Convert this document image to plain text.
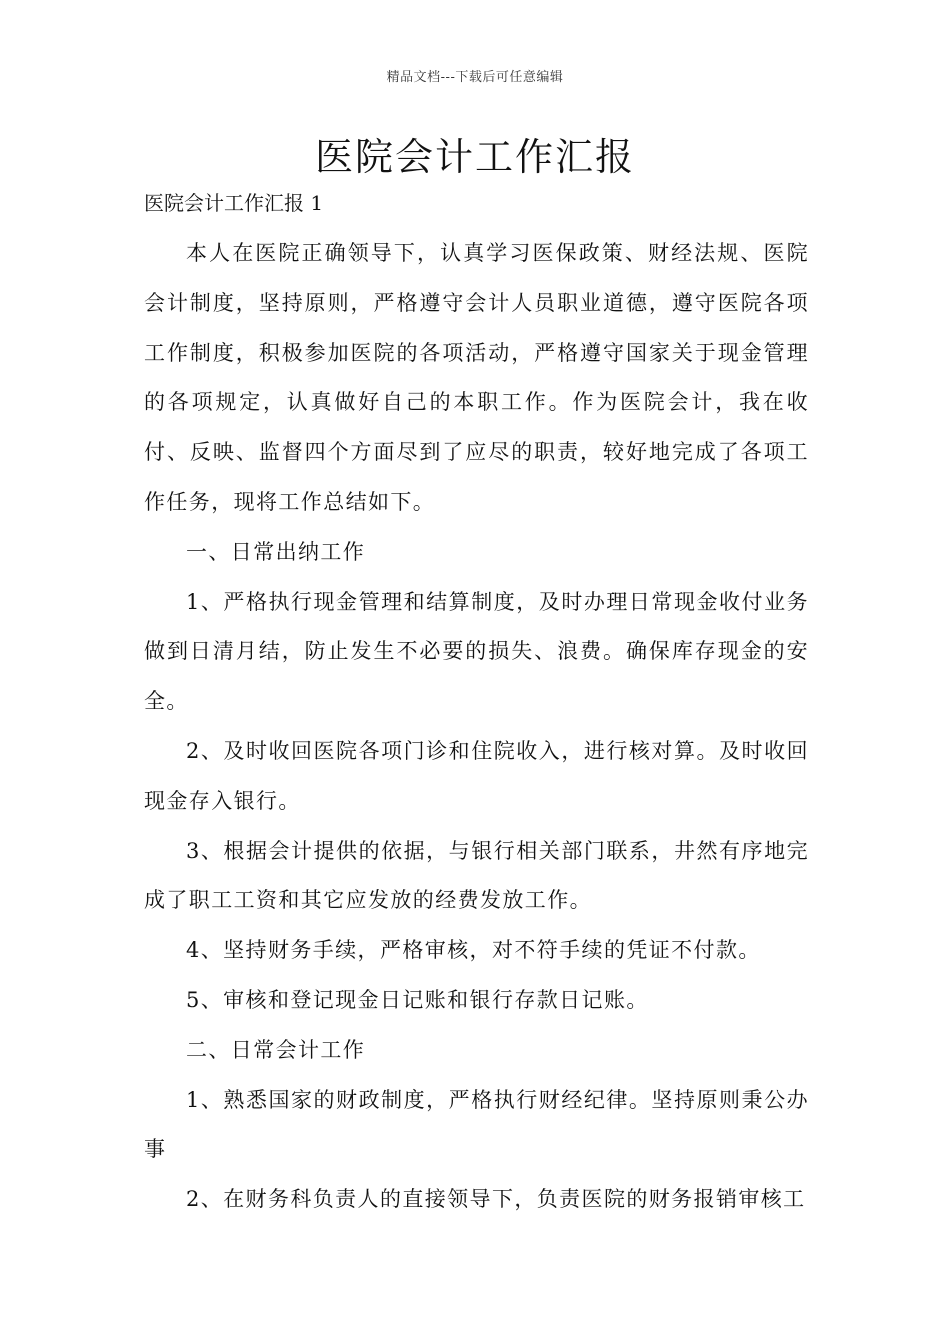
精品文档---下载后可任意编辑
医院会计工作汇报

医院会计工作汇报 1

本人在医院正确领导下，认真学习医保政策、财经法规、医院会计制度，坚持原则，严格遵守会计人员职业道德，遵守医院各项工作制度，积极参加医院的各项活动，严格遵守国家关于现金管理的各项规定，认真做好自己的本职工作。作为医院会计，我在收付、反映、监督四个方面尽到了应尽的职责，较好地完成了各项工作任务，现将工作总结如下。

一、日常出纳工作

1、严格执行现金管理和结算制度，及时办理日常现金收付业务做到日清月结，防止发生不必要的损失、浪费。确保库存现金的安全。

2、及时收回医院各项门诊和住院收入，进行核对算。及时收回现金存入银行。

3、根据会计提供的依据，与银行相关部门联系，井然有序地完成了职工工资和其它应发放的经费发放工作。

4、坚持财务手续，严格审核，对不符手续的凭证不付款。

5、审核和登记现金日记账和银行存款日记账。

二、日常会计工作

1、熟悉国家的财政制度，严格执行财经纪律。坚持原则秉公办事

2、在财务科负责人的直接领导下，负责医院的财务报销审核工
